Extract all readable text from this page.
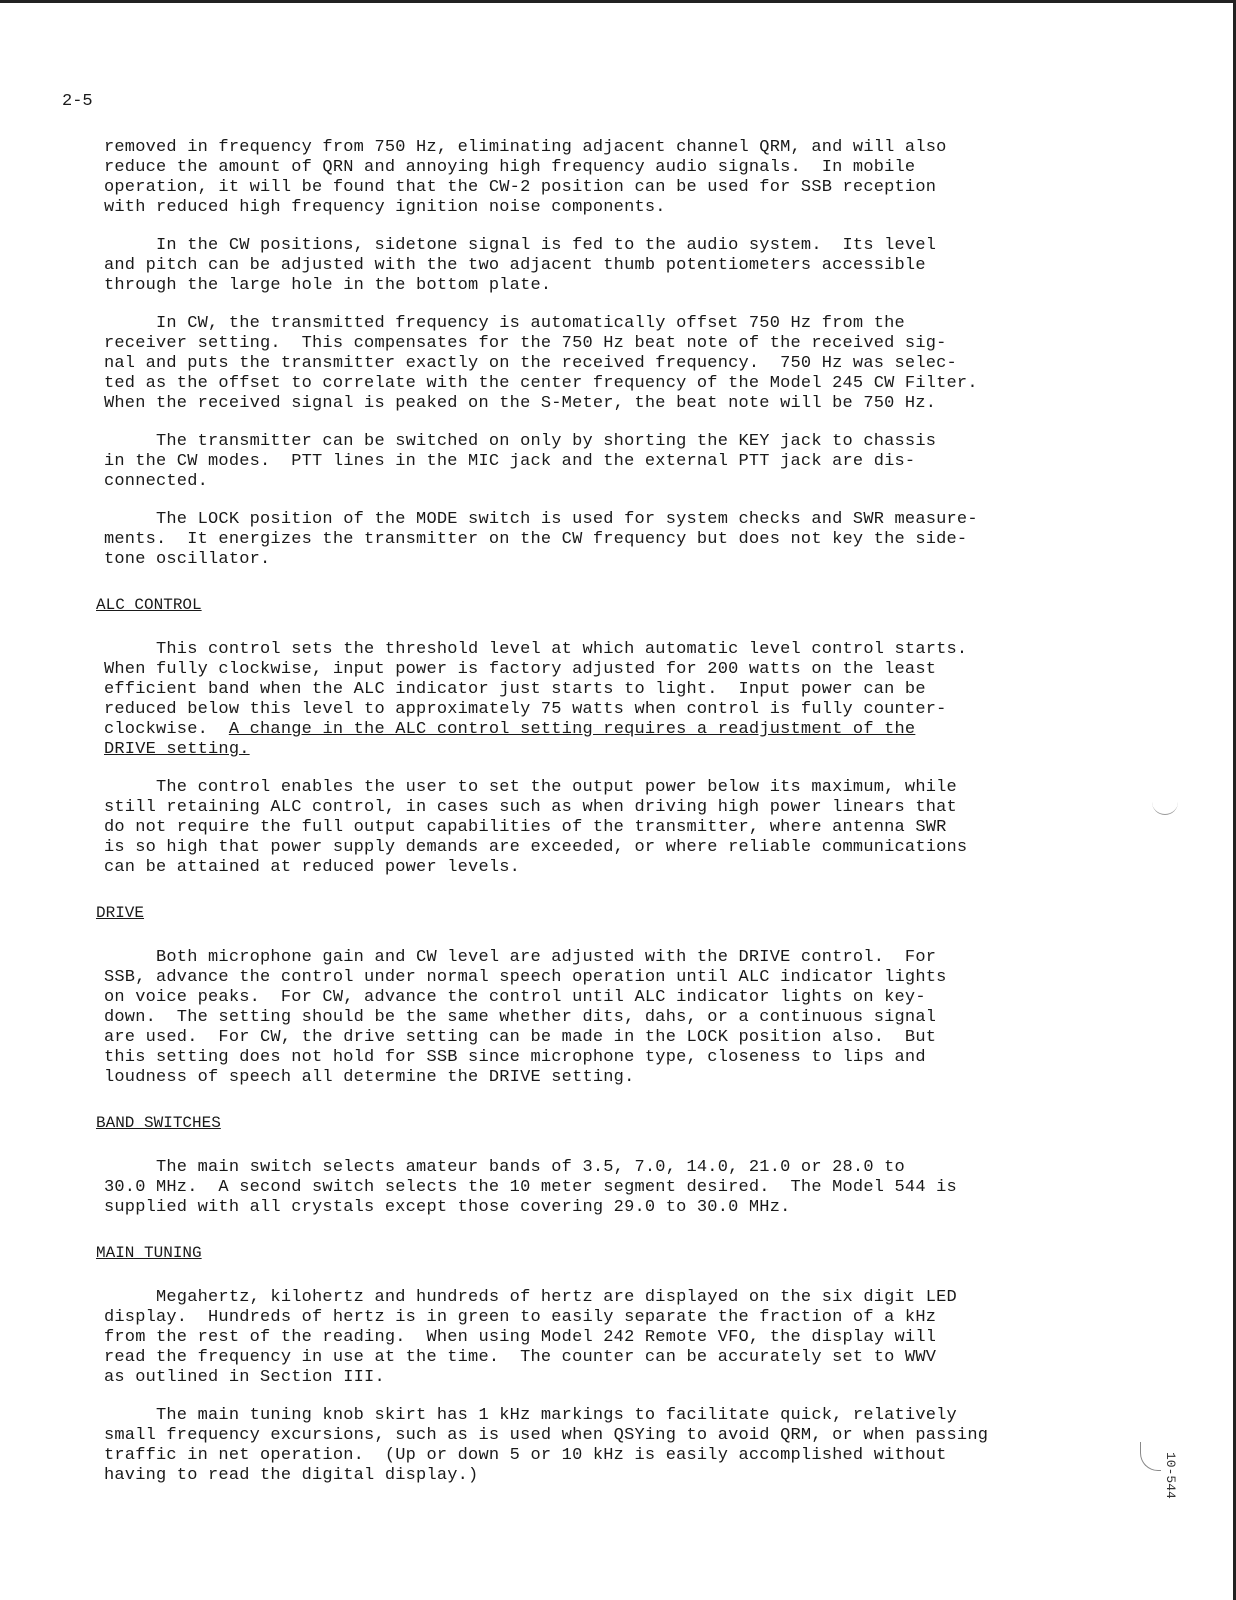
2-5

removed in frequency from 750 Hz, eliminating adjacent channel QRM, and will also

reduce the amount of QRN and annoying high frequency audio signals.  In mobile

operation, it will be found that the CW-2 position can be used for SSB reception

with reduced high frequency ignition noise components.

In the CW positions, sidetone signal is fed to the audio system.  Its level

and pitch can be adjusted with the two adjacent thumb potentiometers accessible

through the large hole in the bottom plate.

In CW, the transmitted frequency is automatically offset 750 Hz from the

receiver setting.  This compensates for the 750 Hz beat note of the received sig-

nal and puts the transmitter exactly on the received frequency.  750 Hz was selec-

ted as the offset to correlate with the center frequency of the Model 245 CW Filter.

When the received signal is peaked on the S-Meter, the beat note will be 750 Hz.

The transmitter can be switched on only by shorting the KEY jack to chassis

in the CW modes.  PTT lines in the MIC jack and the external PTT jack are dis-

connected.

The LOCK position of the MODE switch is used for system checks and SWR measure-

ments.  It energizes the transmitter on the CW frequency but does not key the side-

tone oscillator.

ALC CONTROL

This control sets the threshold level at which automatic level control starts.

When fully clockwise, input power is factory adjusted for 200 watts on the least

efficient band when the ALC indicator just starts to light.  Input power can be

reduced below this level to approximately 75 watts when control is fully counter-

clockwise.  A change in the ALC control setting requires a readjustment of the

DRIVE setting.

The control enables the user to set the output power below its maximum, while

still retaining ALC control, in cases such as when driving high power linears that

do not require the full output capabilities of the transmitter, where antenna SWR

is so high that power supply demands are exceeded, or where reliable communications

can be attained at reduced power levels.

DRIVE

Both microphone gain and CW level are adjusted with the DRIVE control.  For

SSB, advance the control under normal speech operation until ALC indicator lights

on voice peaks.  For CW, advance the control until ALC indicator lights on key-

down.  The setting should be the same whether dits, dahs, or a continuous signal

are used.  For CW, the drive setting can be made in the LOCK position also.  But

this setting does not hold for SSB since microphone type, closeness to lips and

loudness of speech all determine the DRIVE setting.

BAND SWITCHES

The main switch selects amateur bands of 3.5, 7.0, 14.0, 21.0 or 28.0 to

30.0 MHz.  A second switch selects the 10 meter segment desired.  The Model 544 is

supplied with all crystals except those covering 29.0 to 30.0 MHz.

MAIN TUNING

Megahertz, kilohertz and hundreds of hertz are displayed on the six digit LED

display.  Hundreds of hertz is in green to easily separate the fraction of a kHz

from the rest of the reading.  When using Model 242 Remote VFO, the display will

read the frequency in use at the time.  The counter can be accurately set to WWV

as outlined in Section III.

The main tuning knob skirt has 1 kHz markings to facilitate quick, relatively

small frequency excursions, such as is used when QSYing to avoid QRM, or when passing

traffic in net operation.  (Up or down 5 or 10 kHz is easily accomplished without

having to read the digital display.)	10-544
